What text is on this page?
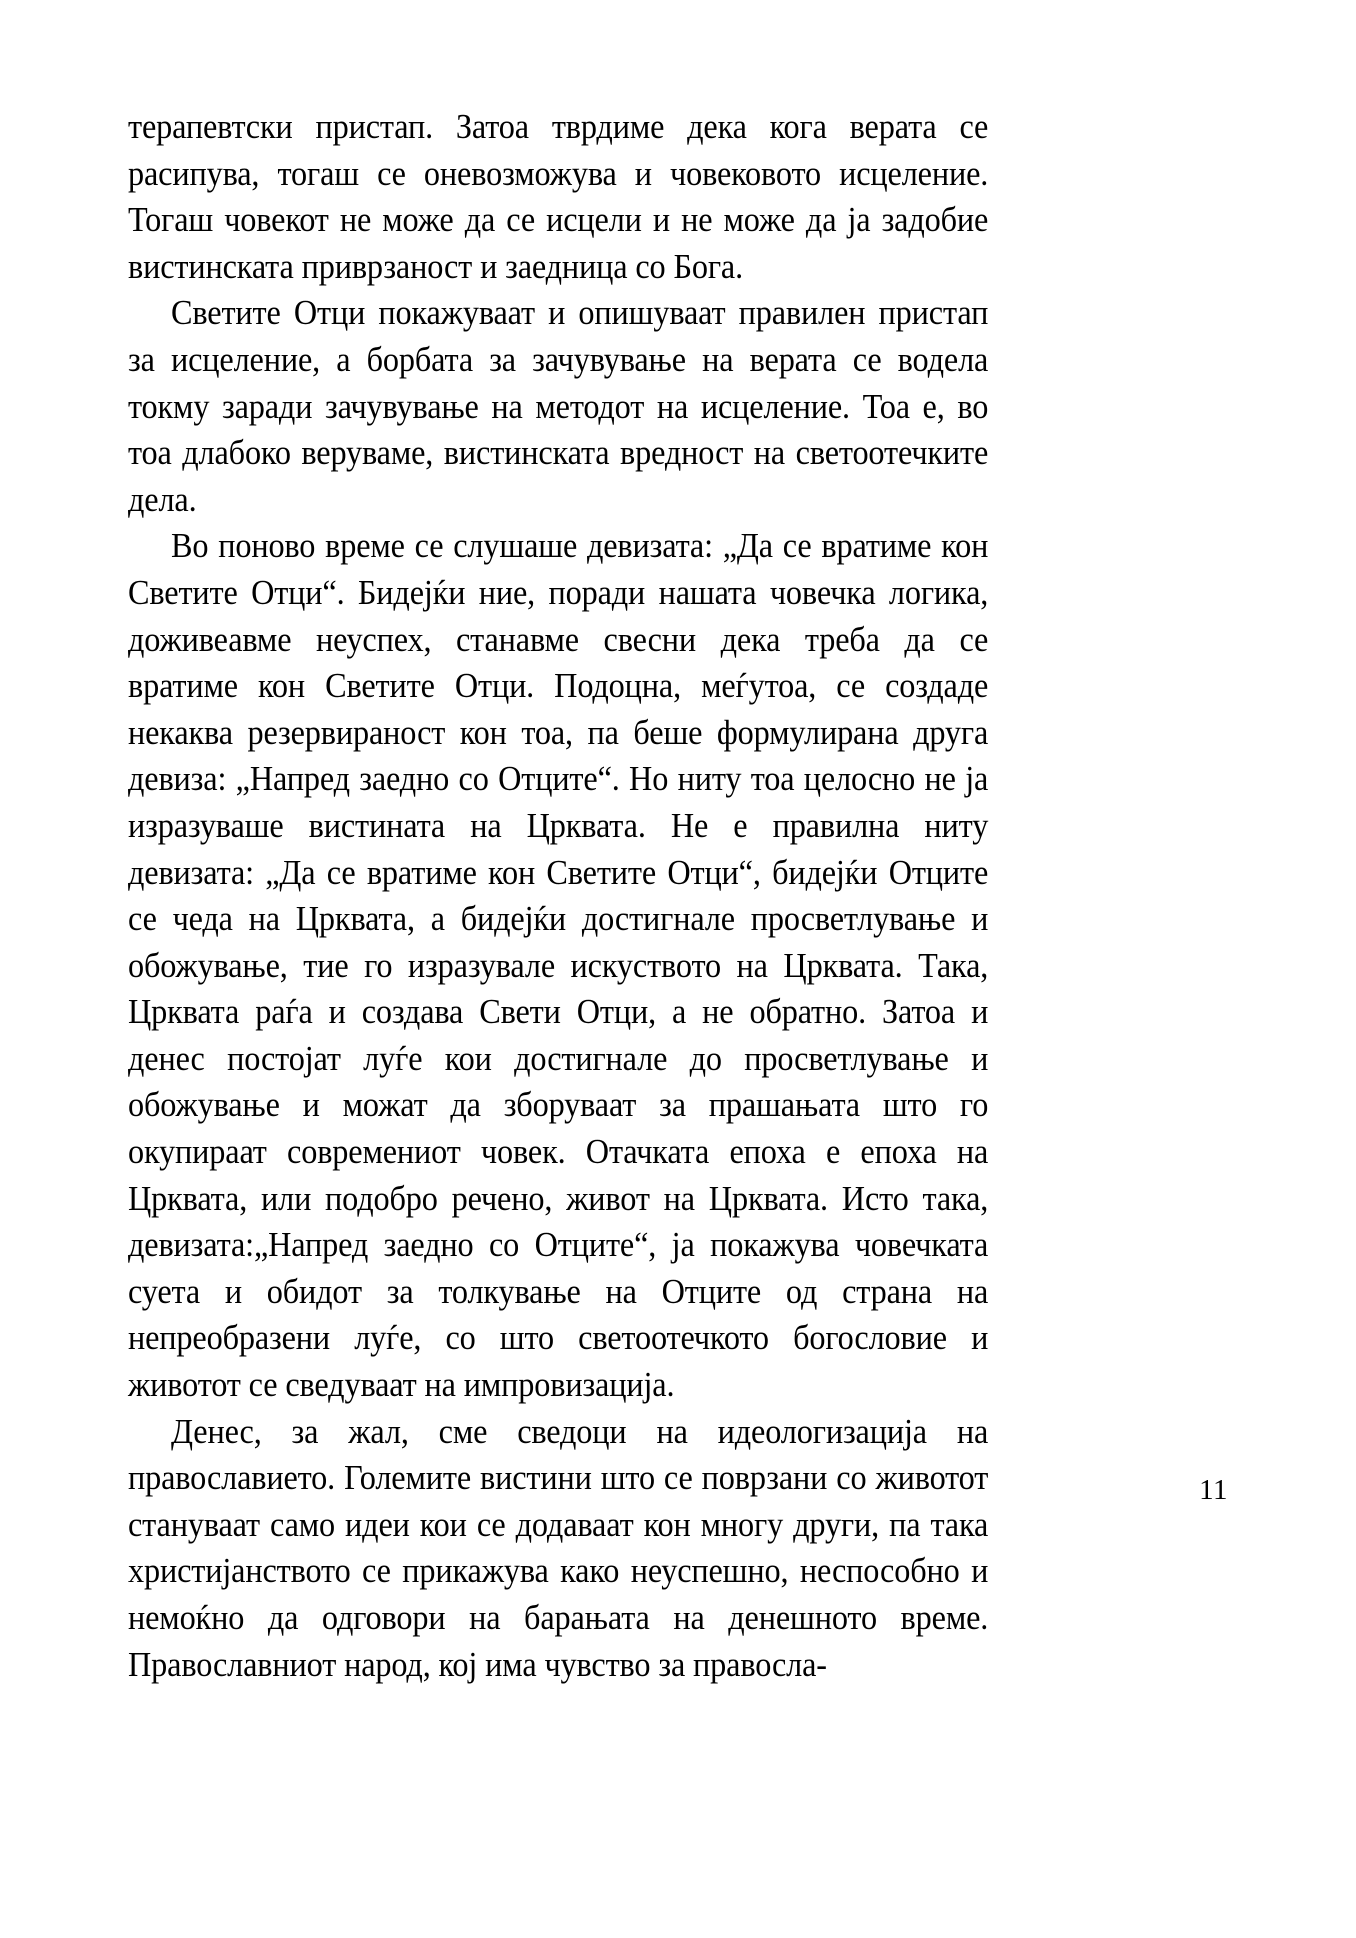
терапевтски пристап. Затоа тврдиме дека кога верата се расипува, тогаш се оневозможува и човековото исцеление. Тогаш човекот не може да се исцели и не може да ја задобие вистинската приврзаност и заедница со Бога.

Светите Отци покажуваат и опишуваат правилен пристап за исцеление, а борбата за зачувување на верата се водела токму заради зачувување на методот на исцеление. Тоа е, во тоа длабоко веруваме, вистинската вредност на светоотечките дела.

Во поново време се слушаше девизата: „Да се вратиме кон Светите Отци“. Бидејќи ние, поради нашата човечка логика, доживеавме неуспех, станавме свесни дека треба да се вратиме кон Светите Отци. Подоцна, меѓутоа, се создаде некаква резервираност кон тоа, па беше формулирана друга девиза: „Напред заедно со Отците“. Но ниту тоа целосно не ја изразуваше вистината на Црквата. Не е правилна ниту девизата: „Да се вратиме кон Светите Отци“, бидејќи Отците се чеда на Црквата, а бидејќи достигнале просветлување и обожување, тие го изразувале искуството на Црквата. Така, Црквата раѓа и создава Свети Отци, а не обратно. Затоа и денес постојат луѓе кои достигнале до просветлување и обожување и можат да зборуваат за прашањата што го окупираат современиот човек. Отачката епоха е епоха на Црквата, или подобро речено, живот на Црквата. Исто така, девизата:„Напред заедно со Отците“, ја покажува човечката суета и обидот за толкување на Отците од страна на непреобразени луѓе, со што светоотечкото богословие и животот се сведуваат на импровизација.

Денес, за жал, сме сведоци на идеологизација на православието. Големите вистини што се поврзани со животот стануваат само идеи кои се додаваат кон многу други, па така христијанството се прикажува како неуспешно, неспособно и немоќно да одговори на барањата на денешното време. Православниот народ, кој има чувство за правосла-

11
